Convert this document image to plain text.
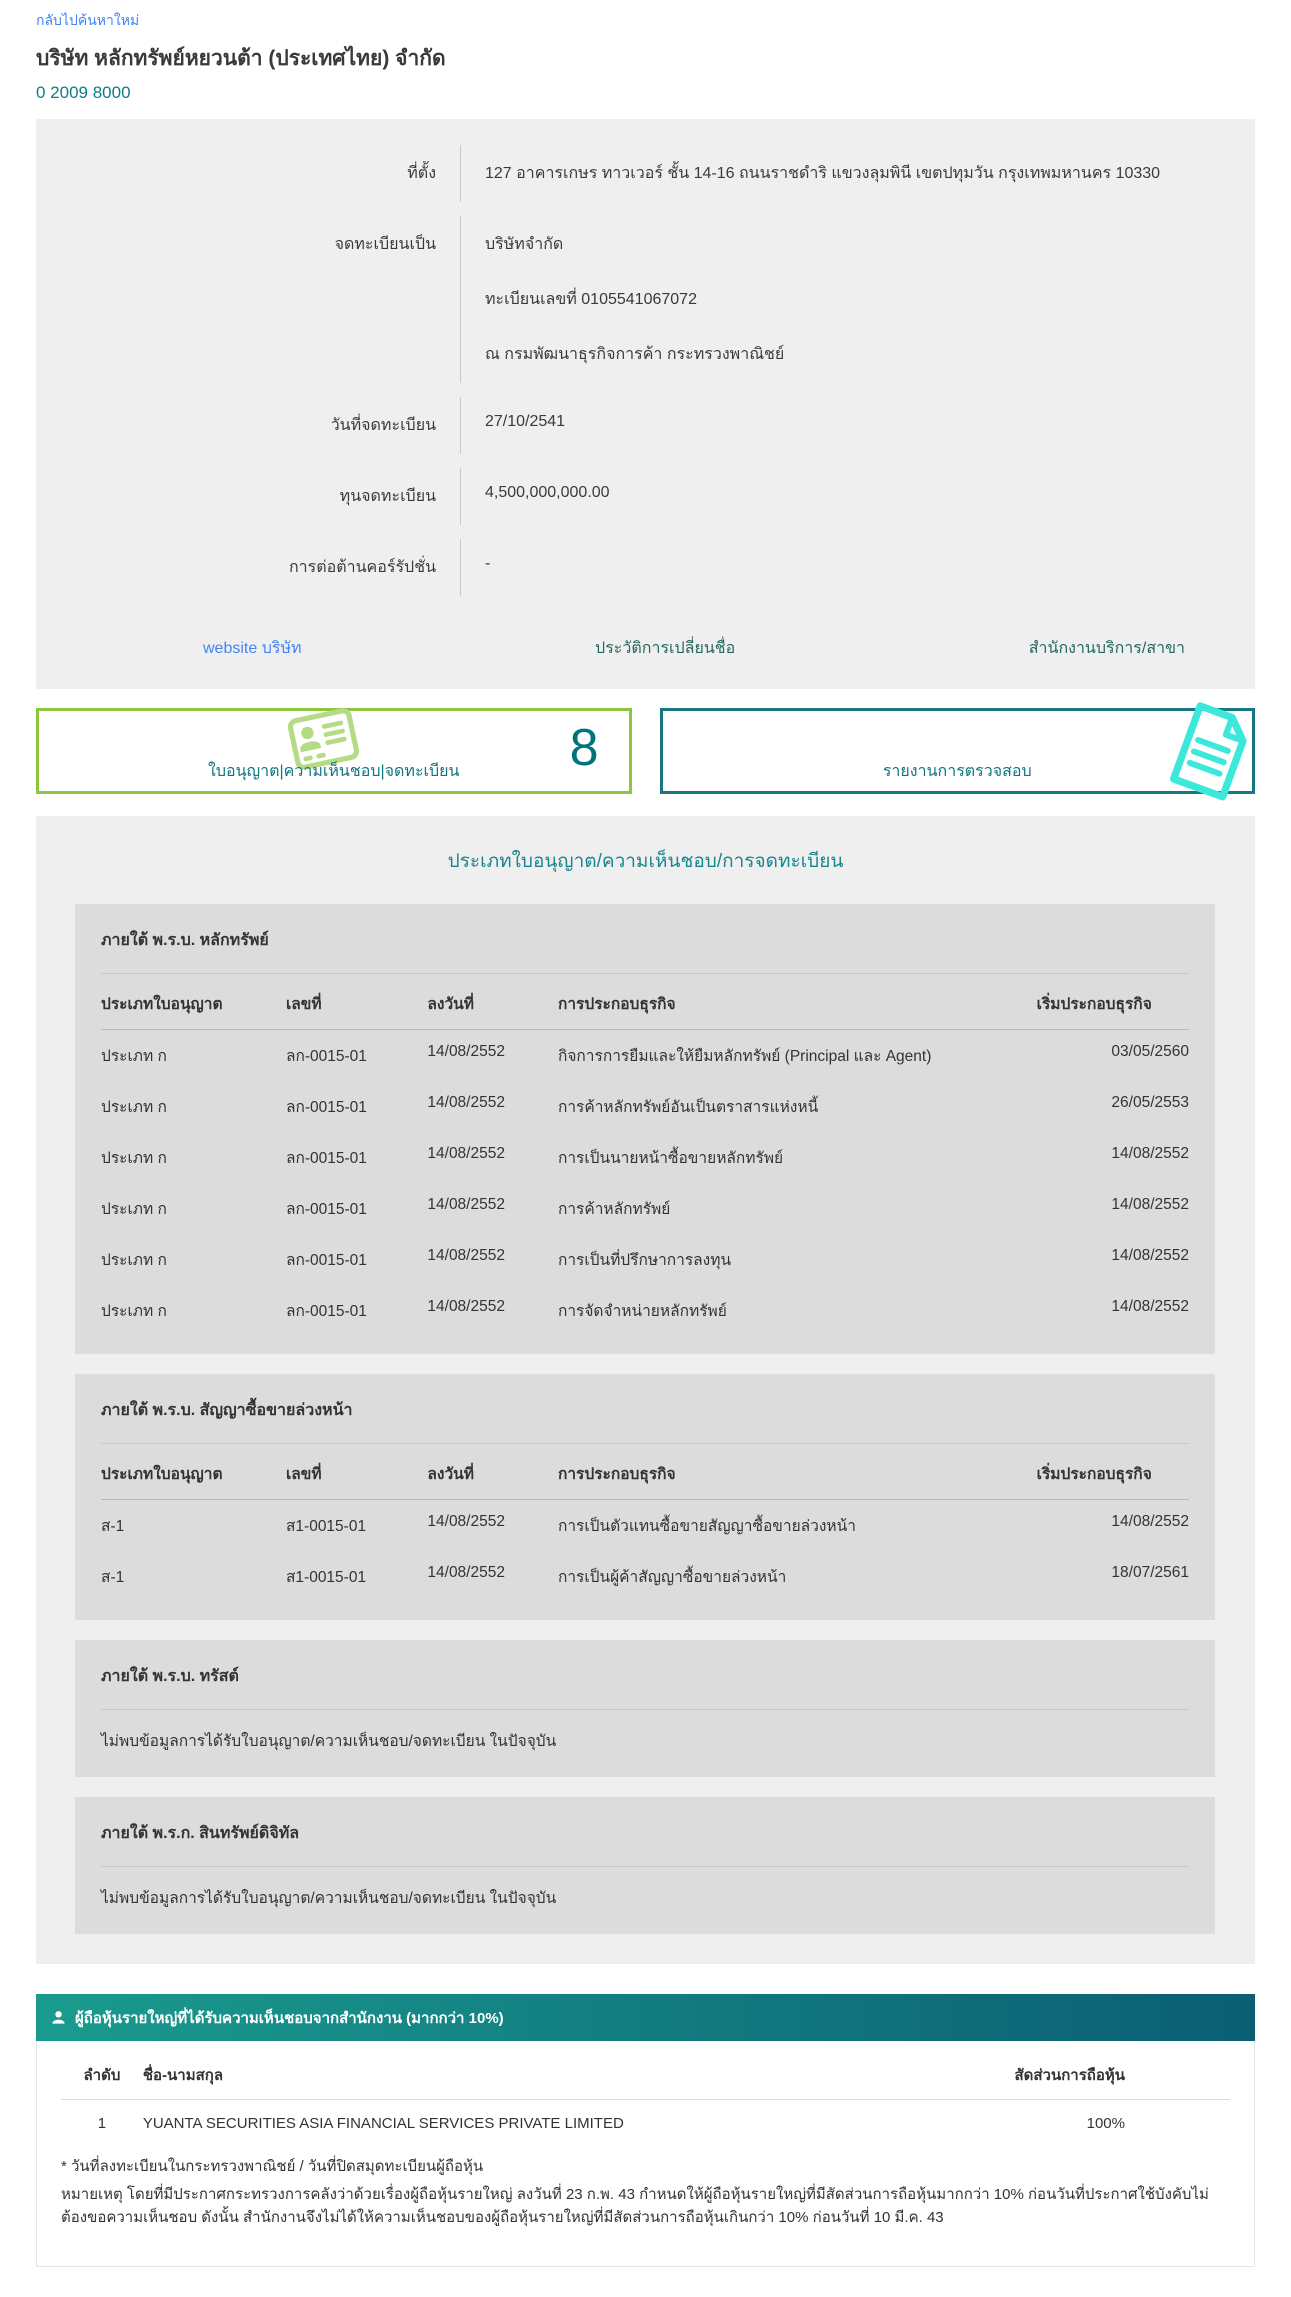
กลับไปค้นหาใหม่
บริษัท หลักทรัพย์หยวนต้า (ประเทศไทย) จำกัด
0 2009 8000
ที่ตั้ง	127 อาคารเกษร ทาวเวอร์ ชั้น 14-16 ถนนราชดำริ แขวงลุมพินี เขตปทุมวัน กรุงเทพมหานคร 10330

จดทะเบียนเป็น	บริษัทจำกัด

ทะเบียนเลขที่ 0105541067072

ณ กรมพัฒนาธุรกิจการค้า กระทรวงพาณิชย์

วันที่จดทะเบียน	27/10/2541

ทุนจดทะเบียน	4,500,000,000.00

การต่อต้านคอร์รัปชั่น	-

website บริษัท	ประวัติการเปลี่ยนชื่อ	สำนักงานบริการ/สาขา
8
ใบอนุญาต|ความเห็นชอบ|จดทะเบียน	รายงานการตรวจสอบ
ประเภทใบอนุญาต/ความเห็นชอบ/การจดทะเบียน

ภายใต้ พ.ร.บ. หลักทรัพย์

ประเภทใบอนุญาต	เลขที่	ลงวันที่	การประกอบธุรกิจ	เริ่มประกอบธุรกิจ
ประเภท ก	ลก-0015-01	14/08/2552	กิจการการยืมและให้ยืมหลักทรัพย์ (Principal และ Agent)	03/05/2560
ประเภท ก	ลก-0015-01	14/08/2552	การค้าหลักทรัพย์อันเป็นตราสารแห่งหนี้	26/05/2553
ประเภท ก	ลก-0015-01	14/08/2552	การเป็นนายหน้าซื้อขายหลักทรัพย์	14/08/2552
ประเภท ก	ลก-0015-01	14/08/2552	การค้าหลักทรัพย์	14/08/2552
ประเภท ก	ลก-0015-01	14/08/2552	การเป็นที่ปรึกษาการลงทุน	14/08/2552
ประเภท ก	ลก-0015-01	14/08/2552	การจัดจำหน่ายหลักทรัพย์	14/08/2552

ภายใต้ พ.ร.บ. สัญญาซื้อขายล่วงหน้า

ประเภทใบอนุญาต	เลขที่	ลงวันที่	การประกอบธุรกิจ	เริ่มประกอบธุรกิจ
ส-1	ส1-0015-01	14/08/2552	การเป็นตัวแทนซื้อขายสัญญาซื้อขายล่วงหน้า	14/08/2552
ส-1	ส1-0015-01	14/08/2552	การเป็นผู้ค้าสัญญาซื้อขายล่วงหน้า	18/07/2561

ภายใต้ พ.ร.บ. ทรัสต์

ไม่พบข้อมูลการได้รับใบอนุญาต/ความเห็นชอบ/จดทะเบียน ในปัจจุบัน

ภายใต้ พ.ร.ก. สินทรัพย์ดิจิทัล

ไม่พบข้อมูลการได้รับใบอนุญาต/ความเห็นชอบ/จดทะเบียน ในปัจจุบัน

ผู้ถือหุ้นรายใหญ่ที่ได้รับความเห็นชอบจากสำนักงาน (มากกว่า 10%)
ลำดับ	ชื่อ-นามสกุล	สัดส่วนการถือหุ้น
1	YUANTA SECURITIES ASIA FINANCIAL SERVICES PRIVATE LIMITED	100%

* วันที่ลงทะเบียนในกระทรวงพาณิชย์ / วันที่ปิดสมุดทะเบียนผู้ถือหุ้น

หมายเหตุ โดยที่มีประกาศกระทรวงการคลังว่าด้วยเรื่องผู้ถือหุ้นรายใหญ่ ลงวันที่ 23 ก.พ. 43 กำหนดให้ผู้ถือหุ้นรายใหญ่ที่มีสัดส่วนการถือหุ้นมากกว่า 10% ก่อนวันที่ประกาศใช้บังคับไม่ต้องขอความเห็นชอบ ดังนั้น สำนักงานจึงไม่ได้ให้ความเห็นชอบของผู้ถือหุ้นรายใหญ่ที่มีสัดส่วนการถือหุ้นเกินกว่า 10% ก่อนวันที่ 10 มี.ค. 43
